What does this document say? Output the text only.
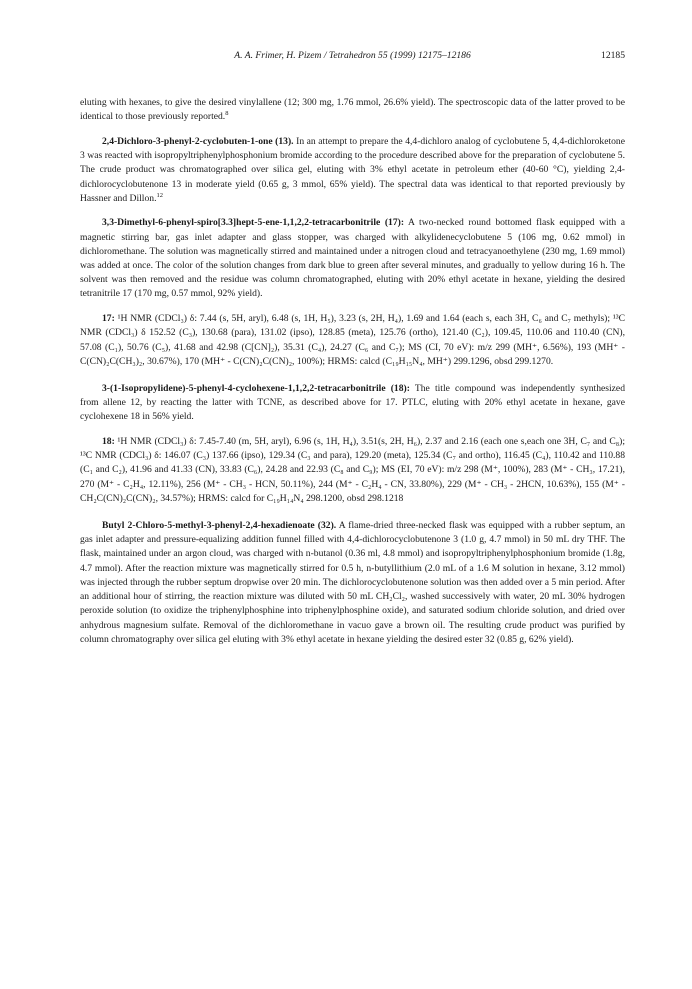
A. A. Frimer, H. Pizem / Tetrahedron 55 (1999) 12175–12186	12185

eluting with hexanes, to give the desired vinylallene (12; 300 mg, 1.76 mmol, 26.6% yield). The spectroscopic data of the latter proved to be identical to those previously reported.$^8$

2,4-Dichloro-3-phenyl-2-cyclobuten-1-one (13). In an attempt to prepare the 4,4-dichloro analog of cyclobutene 5, 4,4-dichloroketone 3 was reacted with isopropyltriphenylphosphonium bromide according to the procedure described above for the preparation of cyclobutene 5. The crude product was chromatographed over silica gel, eluting with 3% ethyl acetate in petroleum ether (40-60 °C), yielding 2,4-dichlorocyclobutenone 13 in moderate yield (0.65 g, 3 mmol, 65% yield). The spectral data was identical to that reported previously by Hassner and Dillon.$^{12}$

3,3-Dimethyl-6-phenyl-spiro[3.3]hept-5-ene-1,1,2,2-tetracarbonitrile (17): A two-necked round bottomed flask equipped with a magnetic stirring bar, gas inlet adapter and glass stopper, was charged with alkylidenecyclobutene 5 (106 mg, 0.62 mmol) in dichloromethane. The solution was magnetically stirred and maintained under a nitrogen cloud and tetracyanoethylene (230 mg, 1.69 mmol) was added at once. The color of the solution changes from dark blue to green after several minutes, and gradually to yellow during 16 h. The solvent was then removed and the residue was column chromatographed, eluting with 20% ethyl acetate in hexane, yielding the desired tetranitrile 17 (170 mg, 0.57 mmol, 92% yield).

17: ¹H NMR (CDCl₃) δ: 7.44 (s, 5H, aryl), 6.48 (s, 1H, H₅), 3.23 (s, 2H, H₄), 1.69 and 1.64 (each s, each 3H, C₆ and C₇ methyls); ¹³C NMR (CDCl₃) δ 152.52 (C₃), 130.68 (para), 131.02 (ipso), 128.85 (meta), 125.76 (ortho), 121.40 (C₂), 109.45, 110.06 and 110.40 (CN), 57.08 (C₁), 50.76 (C₅), 41.68 and 42.98 (C[CN]₂), 35.31 (C₄), 24.27 (C₆ and C₇); MS (CI, 70 eV): m/z 299 (MH⁺, 6.56%), 193 (MH⁺ - C(CN)₂C(CH₃)₂, 30.67%), 170 (MH⁺ - C(CN)₂C(CN)₂, 100%); HRMS: calcd (C₁₉H₁₅N₄, MH⁺) 299.1296, obsd 299.1270.

3-(1-Isopropylidene)-5-phenyl-4-cyclohexene-1,1,2,2-tetracarbonitrile (18): The title compound was independently synthesized from allene 12, by reacting the latter with TCNE, as described above for 17. PTLC, eluting with 20% ethyl acetate in hexane, gave cyclohexene 18 in 56% yield.

18: ¹H NMR (CDCl₃) δ: 7.45-7.40 (m, 5H, aryl), 6.96 (s, 1H, H₄), 3.51(s, 2H, H₆), 2.37 and 2.16 (each one s,each one 3H, C₇ and C₈); ¹³C NMR (CDCl₃) δ: 146.07 (C₃) 137.66 (ipso), 129.34 (C₃ and para), 129.20 (meta), 125.34 (C₇ and ortho), 116.45 (C₄), 110.42 and 110.88 (C₁ and C₂), 41.96 and 41.33 (CN), 33.83 (C₆), 24.28 and 22.93 (C₈ and C₉); MS (EI, 70 eV): m/z 298 (M⁺, 100%), 283 (M⁺ - CH₃, 17.21), 270 (M⁺ - C₂H₄, 12.11%), 256 (M⁺ - CH₃ - HCN, 50.11%), 244 (M⁺ - C₂H₄ - CN, 33.80%), 229 (M⁺ - CH₃ - 2HCN, 10.63%), 155 (M⁺ - CH₂C(CN)₂C(CN)₂, 34.57%); HRMS: calcd for C₁₉H₁₄N₄ 298.1200, obsd 298.1218

Butyl 2-Chloro-5-methyl-3-phenyl-2,4-hexadienoate (32). A flame-dried three-necked flask was equipped with a rubber septum, an gas inlet adapter and pressure-equalizing addition funnel filled with 4,4-dichlorocyclobutenone 3 (1.0 g, 4.7 mmol) in 50 mL dry THF. The flask, maintained under an argon cloud, was charged with n-butanol (0.36 ml, 4.8 mmol) and isopropyltriphenylphosphonium bromide (1.8g, 4.7 mmol). After the reaction mixture was magnetically stirred for 0.5 h, n-butyllithium (2.0 mL of a 1.6 M solution in hexane, 3.12 mmol) was injected through the rubber septum dropwise over 20 min. The dichlorocyclobutenone solution was then added over a 5 min period. After an additional hour of stirring, the reaction mixture was diluted with 50 mL CH₂Cl₂, washed successively with water, 20 mL 30% hydrogen peroxide solution (to oxidize the triphenylphosphine into triphenylphosphine oxide), and saturated sodium chloride solution, and dried over anhydrous magnesium sulfate. Removal of the dichloromethane in vacuo gave a brown oil. The resulting crude product was purified by column chromatography over silica gel eluting with 3% ethyl acetate in hexane yielding the desired ester 32 (0.85 g, 62% yield).
